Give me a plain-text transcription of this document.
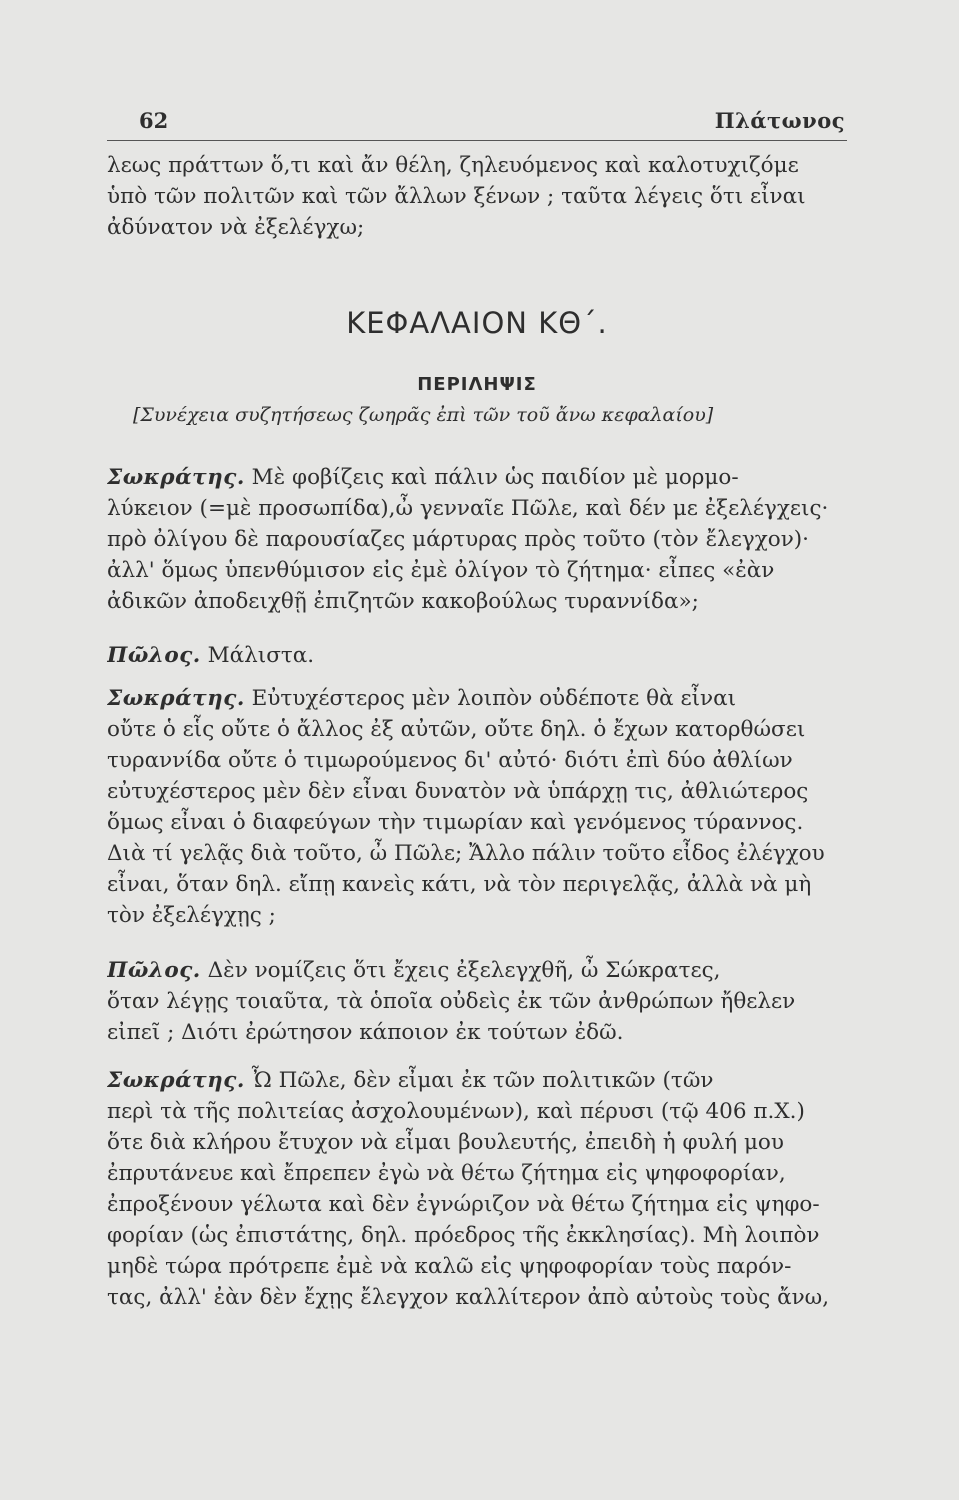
62	Πλάτωνος
λεως πράττων ὅ,τι καὶ ἄν θέλη, ζηλευόμενος καὶ καλοτυχιζόμε
ὑπὸ τῶν πολιτῶν καὶ τῶν ἄλλων ξένων ; ταῦτα λέγεις ὅτι εἶναι
ἀδύνατον νὰ ἐξελέγχω;
ΚΕΦΑΛΑΙΟΝ ΚΘ΄.
ΠΕΡΙΛΗΨΙΣ
[Συνέχεια συζητήσεως ζωηρᾶς ἐπὶ τῶν τοῦ ἄνω κεφαλαίου]
Σωκράτης. Μὲ φοβίζεις καὶ πάλιν ὡς παιδίον μὲ μορμο-
λύκειον (=μὲ προσωπίδα),ὦ γενναῖε Πῶλε, καὶ δέν με ἐξελέγχεις·
πρὸ ὀλίγου δὲ παρουσίαζες μάρτυρας πρὸς τοῦτο (τὸν ἔλεγχον)·
ἀλλ' ὅμως ὑπενθύμισον εἰς ἐμὲ ὀλίγον τὸ ζήτημα· εἶπες «ἐὰν
ἀδικῶν ἀποδειχθῇ ἐπιζητῶν κακοβούλως τυραννίδα»;
Πῶλος. Μάλιστα.
Σωκράτης. Εὐτυχέστερος μὲν λοιπὸν οὐδέποτε θὰ εἶναι
οὔτε ὁ εἷς οὔτε ὁ ἄλλος ἐξ αὐτῶν, οὔτε δηλ. ὁ ἔχων κατορθώσει
τυραννίδα οὔτε ὁ τιμωρούμενος δι' αὐτό· διότι ἐπὶ δύο ἀθλίων
εὐτυχέστερος μὲν δὲν εἶναι δυνατὸν νὰ ὑπάρχῃ τις, ἀθλιώτερος
ὅμως εἶναι ὁ διαφεύγων τὴν τιμωρίαν καὶ γενόμενος τύραννος.
Διὰ τί γελᾷς διὰ τοῦτο, ὦ Πῶλε; Ἄλλο πάλιν τοῦτο εἶδος ἐλέγχου
εἶναι, ὅταν δηλ. εἴπῃ κανεὶς κάτι, νὰ τὸν περιγελᾷς, ἀλλὰ νὰ μὴ
τὸν ἐξελέγχῃς ;
Πῶλος. Δὲν νομίζεις ὅτι ἔχεις ἐξελεγχθῆ, ὦ Σώκρατες,
ὅταν λέγῃς τοιαῦτα, τὰ ὁποῖα οὐδεὶς ἐκ τῶν ἀνθρώπων ἤθελεν
εἰπεῖ ; Διότι ἐρώτησον κάποιον ἐκ τούτων ἐδῶ.
Σωκράτης. Ὦ Πῶλε, δὲν εἶμαι ἐκ τῶν πολιτικῶν (τῶν
περὶ τὰ τῆς πολιτείας ἀσχολουμένων), καὶ πέρυσι (τῷ 406 π.Χ.)
ὅτε διὰ κλήρου ἔτυχον νὰ εἶμαι βουλευτής, ἐπειδὴ ἡ φυλή μου
ἐπρυτάνευε καὶ ἔπρεπεν ἐγὼ νὰ θέτω ζήτημα εἰς ψηφοφορίαν,
ἐπροξένουν γέλωτα καὶ δὲν ἐγνώριζον νὰ θέτω ζήτημα εἰς ψηφο-
φορίαν (ὡς ἐπιστάτης, δηλ. πρόεδρος τῆς ἐκκλησίας). Μὴ λοιπὸν
μηδὲ τώρα πρότρεπε ἐμὲ νὰ καλῶ εἰς ψηφοφορίαν τοὺς παρόν-
τας, ἀλλ' ἐὰν δὲν ἔχῃς ἔλεγχον καλλίτερον ἀπὸ αὐτοὺς τοὺς ἄνω,
